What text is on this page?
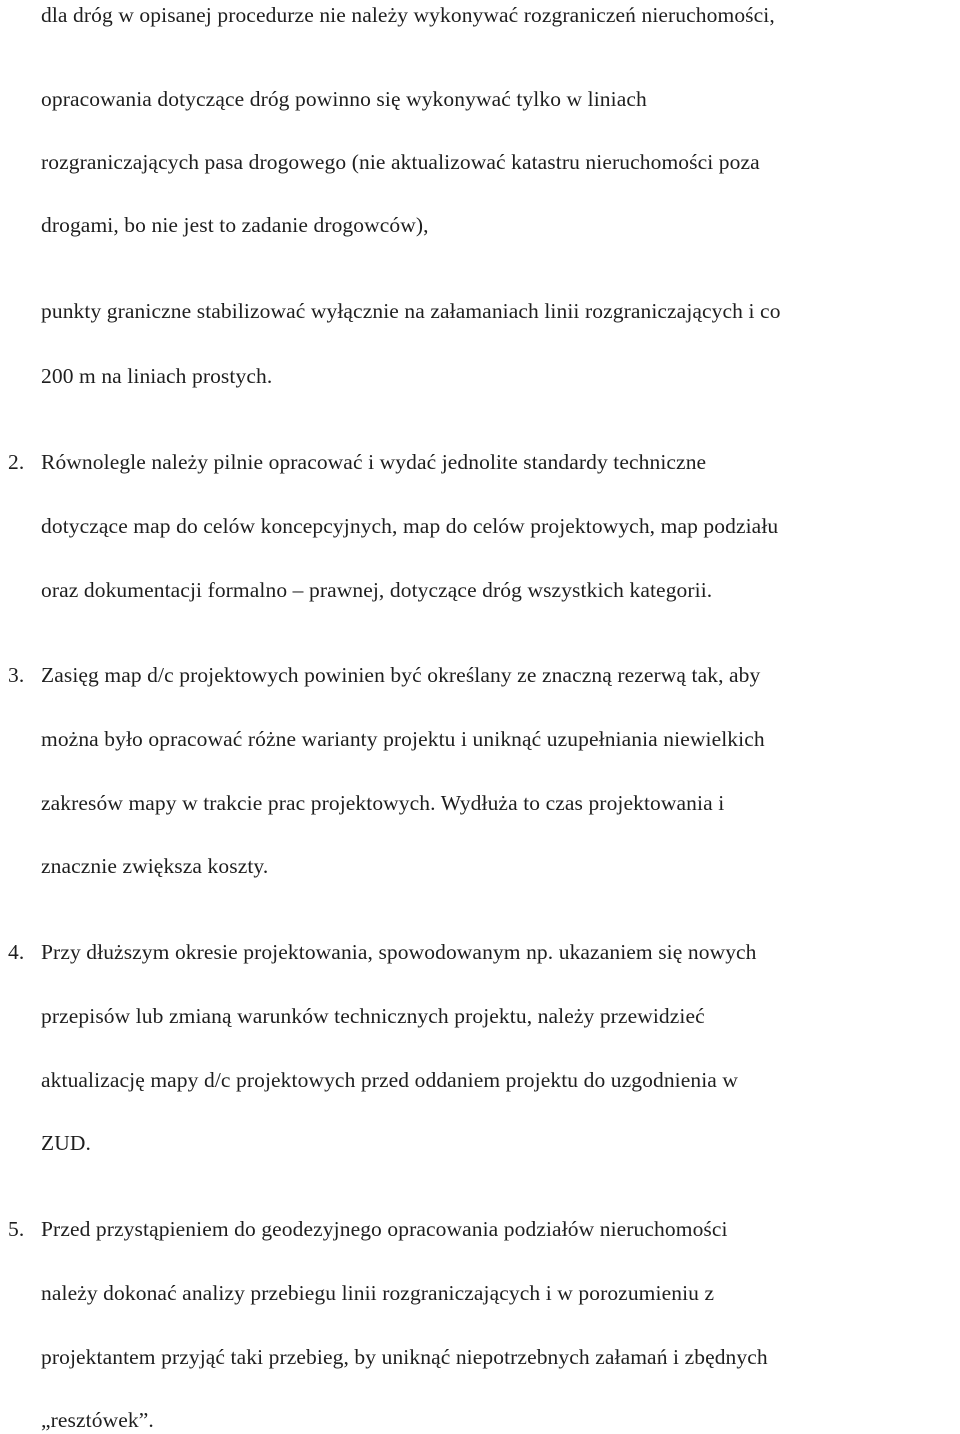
dla dróg w opisanej procedurze nie należy wykonywać rozgraniczeń nieruchomości,

opracowania dotyczące dróg powinno się wykonywać tylko w liniach

rozgraniczających pasa drogowego (nie aktualizować katastru nieruchomości poza

drogami, bo nie jest to zadanie drogowców),

punkty graniczne stabilizować wyłącznie na załamaniach linii rozgraniczających i co

200 m na liniach prostych.

2. Równolegle należy pilnie opracować i wydać jednolite standardy techniczne

dotyczące map do celów koncepcyjnych, map do celów projektowych, map podziału

oraz dokumentacji formalno – prawnej, dotyczące dróg wszystkich kategorii.

3. Zasięg map d/c projektowych powinien być określany ze znaczną rezerwą tak, aby

można było opracować różne warianty projektu i uniknąć uzupełniania niewielkich

zakresów mapy w trakcie prac projektowych. Wydłuża to czas projektowania i

znacznie zwiększa koszty.

4. Przy dłuższym okresie projektowania, spowodowanym np. ukazaniem się nowych

przepisów lub zmianą warunków technicznych projektu, należy przewidzieć

aktualizację mapy d/c projektowych przed oddaniem projektu do uzgodnienia w

ZUD.

5. Przed przystąpieniem do geodezyjnego opracowania podziałów nieruchomości

należy dokonać analizy przebiegu linii rozgraniczających i w porozumieniu z

projektantem przyjąć taki przebieg, by uniknąć niepotrzebnych załamań i zbędnych

„resztówek”.
